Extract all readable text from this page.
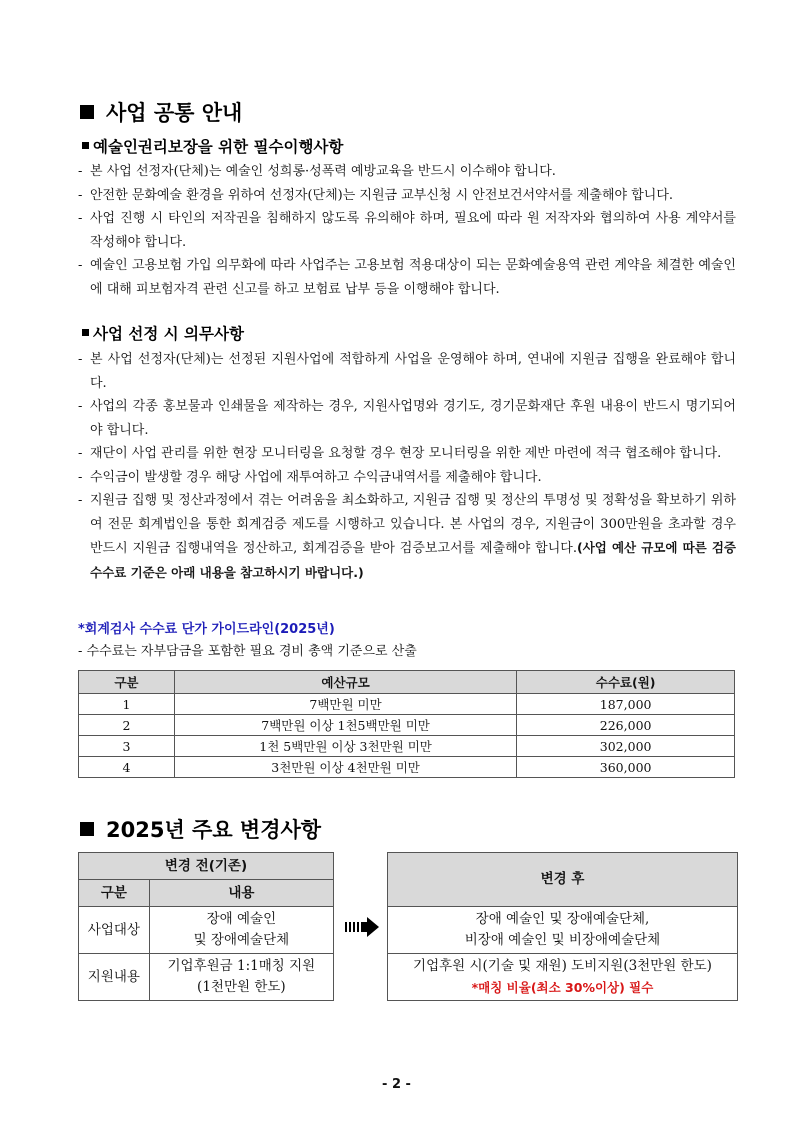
사업 공통 안내
예술인권리보장을 위한 필수이행사항
- 본 사업 선정자(단체)는 예술인 성희롱·성폭력 예방교육을 반드시 이수해야 합니다.
- 안전한 문화예술 환경을 위하여 선정자(단체)는 지원금 교부신청 시 안전보건서약서를 제출해야 합니다.
- 사업 진행 시 타인의 저작권을 침해하지 않도록 유의해야 하며, 필요에 따라 원 저작자와 협의하여 사용 계약서를 작성해야 합니다.
- 예술인 고용보험 가입 의무화에 따라 사업주는 고용보험 적용대상이 되는 문화예술용역 관련 계약을 체결한 예술인에 대해 피보험자격 관련 신고를 하고 보험료 납부 등을 이행해야 합니다.
사업 선정 시 의무사항
- 본 사업 선정자(단체)는 선정된 지원사업에 적합하게 사업을 운영해야 하며, 연내에 지원금 집행을 완료해야 합니다.
- 사업의 각종 홍보물과 인쇄물을 제작하는 경우, 지원사업명와 경기도, 경기문화재단 후원 내용이 반드시 명기되어야 합니다.
- 재단이 사업 관리를 위한 현장 모니터링을 요청할 경우 현장 모니터링을 위한 제반 마련에 적극 협조해야 합니다.
- 수익금이 발생할 경우 해당 사업에 재투여하고 수익금내역서를 제출해야 합니다.
- 지원금 집행 및 정산과정에서 겪는 어려움을 최소화하고, 지원금 집행 및 정산의 투명성 및 정확성을 확보하기 위하여 전문 회계법인을 통한 회계검증 제도를 시행하고 있습니다. 본 사업의 경우, 지원금이 300만원을 초과할 경우 반드시 지원금 집행내역을 정산하고, 회계검증을 받아 검증보고서를 제출해야 합니다.(사업 예산 규모에 따른 검증 수수료 기준은 아래 내용을 참고하시기 바랍니다.)
*회계검사 수수료 단가 가이드라인(2025년)
- 수수료는 자부담금을 포함한 필요 경비 총액 기준으로 산출
구분	예산규모	수수료(원)
1	7백만원 미만	187,000
2	7백만원 이상 1천5백만원 미만	226,000
3	1천 5백만원 이상 3천만원 미만	302,000
4	3천만원 이상 4천만원 미만	360,000
2025년 주요 변경사항
변경 전(기존)	
구분	내용
사업대상	장애 예술인
및 장애예술단체

지원내용	기업후원금 1:1매칭 지원
(1천만원 한도)
변경 후

장애 예술인 및 장애예술단체,
비장애 예술인 및 비장애예술단체

기업후원 시(기술 및 재원) 도비지원(3천만원 한도)
*매칭 비율(최소 30%이상) 필수
- 2 -
